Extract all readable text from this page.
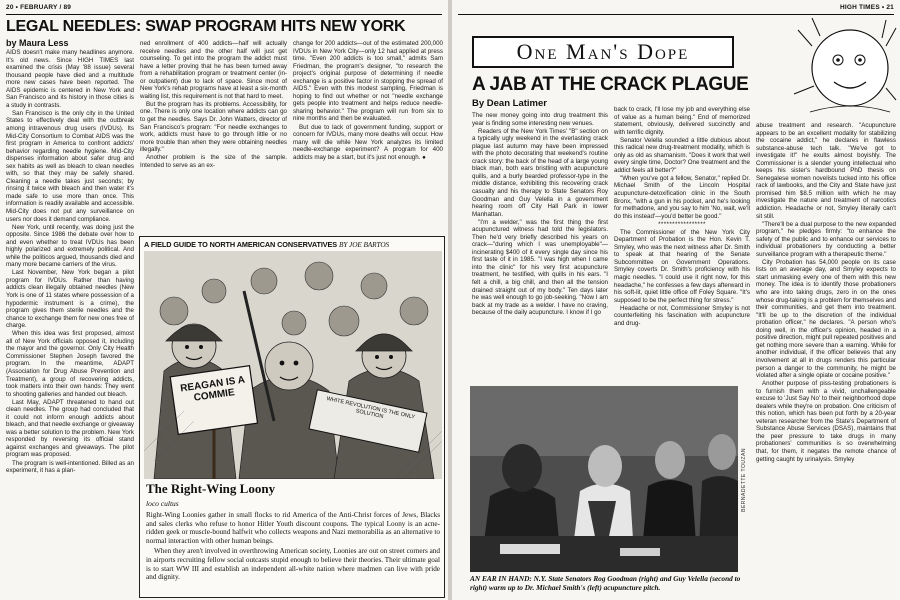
20 • FEBRUARY / 89
LEGAL NEEDLES: SWAP PROGRAM HITS NEW YORK
by Maura Less

AIDS doesn't make many headlines anymore. It's old news. Since HIGH TIMES last examined the crisis (May '88 issue) several thousand people have died and a multitude more new cases have been reported. The AIDS epidemic is centered in New York and San Francisco and its history in those cities is a study in contrasts.

San Francisco is the only city in the United States to effectively deal with the outbreak among intravenous drug users (IVDUs). Its Mid-City Consortium to Combat AIDS was the first program in America to confront addicts' behavior regarding needle hygiene. Mid-City dispenses information about safer drug and sex habits as well as bleach to clean needles with, so that they may be safely shared. Cleaning a needle takes just seconds; by rinsing it twice with bleach and then water it's made safe to use more than once. This information is readily available and accessible. Mid-City does not put any surveillance on users nor does it demand compliance.

New York, until recently, was doing just the opposite. Since 1986 the debate over how to and even whether to treat IVDUs has been highly polarized and extremely political. And while the politicos argued, thousands died and many more became carriers of the virus.

Last November, New York began a pilot program for IVDUs. Rather than having addicts clean illegally obtained needles (New York is one of 11 states where possession of a hypodermic instrument is a crime), the program gives them sterile needles and the chance to exchange them for new ones free of charge.

When this idea was first proposed, almost all of New York officials opposed it, including the mayor and the governor. Only City Health Commissioner Stephen Joseph favored the program. In the meantime, ADAPT (Association for Drug Abuse Prevention and Treatment), a group of recovering addicts, took matters into their own hands: They went to shooting galleries and handed out bleach.

Last May, ADAPT threatened to hand out clean needles. The group had concluded that it could not inform enough addicts about bleach, and that needle exchange or giveaway was a better solution to the problem. New York responded by reversing its official stand against exchanges and giveaways. The pilot program was proposed.

The program is well-intentioned. Billed as an experiment, it has a plan-

ned enrollment of 400 addicts—half will actually receive needles and the other half will just get counseling. To get into the program the addict must have a letter proving that he has been turned away from a rehabilitation program or treatment center (in- or outpatient) due to lack of space. Since most of New York's rehab programs have at least a six-month waiting list, this requirement is not that hard to meet.

But the program has its problems. Accessibility, for one. There is only one location where addicts can go to get the needles. Says Dr. John Watters, director of San Francisco's program: "For needle exchanges to work, addicts must have to go through little or no more trouble than when they were obtaining needles illegally."

Another problem is the size of the sample. Intended to serve as an ex-

change for 200 addicts—out of the estimated 200,000 IVDUs in New York City—only 12 had applied at press time. "Even 200 addicts is too small," admits Sam Friedman, the program's designer, "to research the project's original purpose of determining if needle exchange is a positive factor in stopping the spread of AIDS." Even with this modest sampling, Friedman is hoping to find out whether or not "needle exchange gets people into treatment and helps reduce needle-sharing behavior." The program will run from six to nine months and then be evaluated.

But due to lack of government funding, support or concern for IVDUs, many more deaths will occur. How many will die while New York analyzes its limited needle-exchange experiment? A program for 400 addicts may be a start, but it's just not enough. ●

A FIELD GUIDE TO NORTH AMERICAN CONSERVATIVES BY JOE BARTOS
REAGAN IS A COMMIE
WHITE REVOLUTION IS THE ONLY SOLUTION
The Right-Wing Loony
loco cultus

Right-Wing Loonies gather in small flocks to rid America of the Anti-Christ forces of Jews, Blacks and sales clerks who refuse to honor Hitler Youth discount coupons. The typical Loony is an acne-ridden geek or muscle-bound halfwit who collects weapons and Nazi memorabilia as an alternative to normal interaction with other human beings.

When they aren't involved in overthrowing American society, Loonies are out on street corners and in airports recruiting fellow social outcasts stupid enough to believe their theories. Their ultimate goal is to start WW III and establish an independent all-white nation where madmen can live with pride and dignity.

HIGH TIMES • 21
One Man's Dope
A JAB AT THE CRACK PLAGUE
By Dean Latimer

The new money going into drug treatment this year is finding some interesting new venues.

Readers of the New York Times' "B" section on a typically ugly weekend in the everlasting crack plague last autumn may have been impressed with the photo decorating that weekend's routine crack story: the back of the head of a large young black man, both ears bristling with acupuncture quills, and a burly bearded professor-type in the middle distance, exhibiting this recovering crack casualty and his therapy to State Senators Roy Goodman and Guy Velella in a government hearing room off City Hall Park in lower Manhattan.

"I'm a welder," was the first thing the first acupunctured witness had told the legislators. Then he'd very briefly described his years on crack—"during which I was unemployable"—incinerating $400 of it every single day since his first taste of it in 1985. "I was high when I came into the clinic" for his very first acupuncture treatment, he testified, with quills in his ears. "I felt a chill, a big chill, and then all the tension drained straight out of my body." Ten days later he was well enough to go job-seeking. "Now I am back at my trade as a welder. I have no craving, because of the daily acupuncture. I know if I go

back to crack, I'll lose my job and everything else of value as a human being." End of memorized statement, obviously, delivered succinctly and with terrific dignity.

Senator Velella sounded a little dubious about this radical new drug-treatment modality, which is only as old as shamanism. "Does it work that well every single time, Doctor? One treatment and the addict feels all better?"

"When you've got a fellow, Senator," replied Dr. Michael Smith of the Lincoln Hospital acupuncture-detoxification clinic in the South Bronx, "with a gun in his pocket, and he's looking for methadone, and you say to him 'No, wait, we'll do this instead'—you'd better be good."

*****************

The Commissioner of the New York City Department of Probation is the Hon. Kevin T. Smyley, who was the next witness after Dr. Smith to speak at that hearing of the Senate Subcommittee on Government Operations. Smyley coverts Dr. Smith's proficiency with his magic needles. "I could use it right now, for this headache," he confesses a few days afterward in his soft-lit, quiet little office off Foley Square. "It's supposed to be the perfect thing for stress."

Headache or not, Commissioner Smyley is not counterfeiting his fascination with acupuncture and drug-

abuse treatment and research. "Acupuncture appears to be an excellent modality for stabilizing the cocaine addict," he declares in flawless substance-abuse tech talk. "We've got to investigate it!" he exults almost boyishly. The Commissioner is a slender young intellectual who keeps his sister's hardbound PhD thesis on Senegalese women novelists tucked into his office rack of lawbooks, and the City and State have just promised him $8.5 million with which he may investigate the nature and treatment of narcotics addiction. Headache or not, Smyley literally can't sit still.

"There'll be a dual purpose to the new expanded program," he pledges firmly: "to enhance the safety of the public and to enhance our services to individual probationers by conducting a better surveillance program with a therapeutic theme."

City Probation has 54,000 people on its case lists on an average day, and Smyley expects to start unmasking every one of them with this new money. The idea is to identify those probationers who are into taking drugs, zero in on the ones whose drug-taking is a problem for themselves and their communities, and get them into treatment. "It'll be up to the discretion of the individual probation officer," he declares. "A person who's doing well, in the officer's opinion, headed in a positive direction, might pull repeated positives and get nothing more severe than a warning. While for another individual, if the officer believes that any involvement at all in drugs renders this particular person a danger to the community, he might be violated after a single opiate or cocaine positive."

Another purpose of piss-testing probationers is to furnish them with a vivid, unchallengeable excuse to 'Just Say No' to their neighborhood dope dealers while they're on probation. One criticism of this notion, which has been put forth by a 20-year veteran researcher from the State's Department of Substance Abuse Services (DSAS), maintains that the peer pressure to take drugs in many probationers' communities is so overwhelming that, for them, it negates the remote chance of getting caught by urinalysis. Smyley

BERNADETTE TOUZAN
AN EAR IN HAND: N.Y. State Senators Rog Goodman (right) and Guy Velella (second to right) warm up to Dr. Michael Smith's (left) acupuncture pitch.
